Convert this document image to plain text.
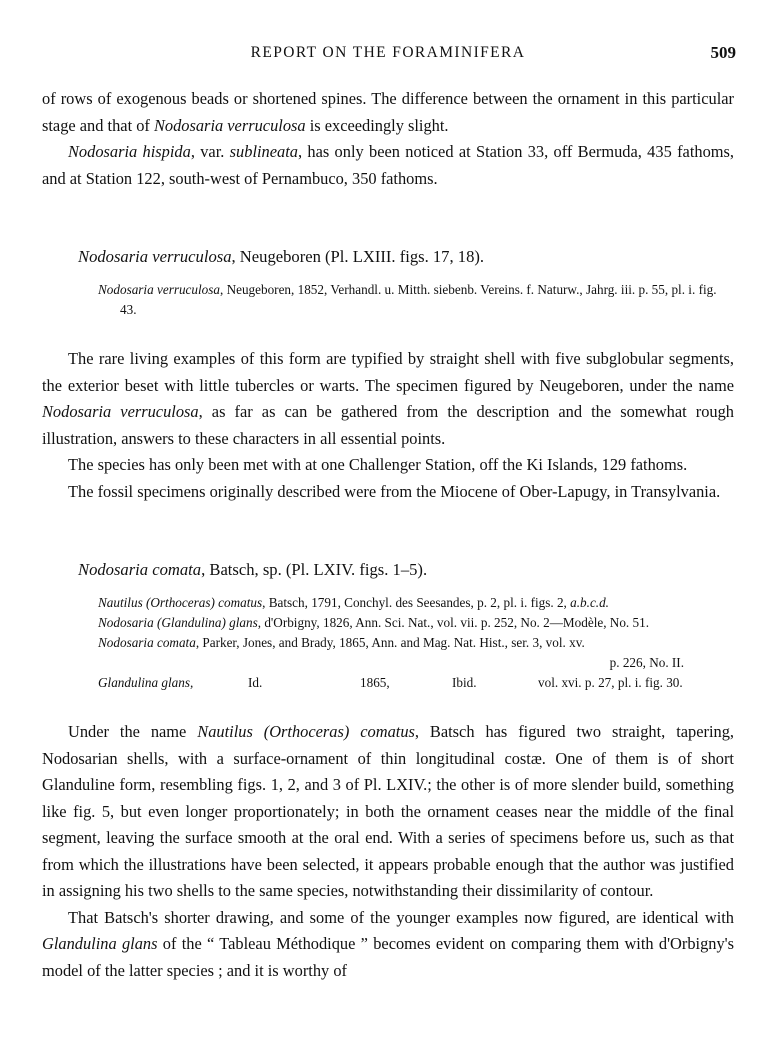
REPORT ON THE FORAMINIFERA	509

of rows of exogenous beads or shortened spines. The difference between the ornament in this particular stage and that of Nodosaria verruculosa is exceedingly slight.

Nodosaria hispida, var. sublineata, has only been noticed at Station 33, off Bermuda, 435 fathoms, and at Station 122, south-west of Pernambuco, 350 fathoms.

Nodosaria verruculosa, Neugeboren (Pl. LXIII. figs. 17, 18).
Nodosaria verruculosa, Neugeboren, 1852, Verhandl. u. Mitth. siebenb. Vereins. f. Naturw., Jahrg. iii. p. 55, pl. i. fig. 43.

The rare living examples of this form are typified by straight shell with five subglobular segments, the exterior beset with little tubercles or warts. The specimen figured by Neugeboren, under the name Nodosaria verruculosa, as far as can be gathered from the description and the somewhat rough illustration, answers to these characters in all essential points.

The species has only been met with at one Challenger Station, off the Ki Islands, 129 fathoms.

The fossil specimens originally described were from the Miocene of Ober-Lapugy, in Transylvania.

Nodosaria comata, Batsch, sp. (Pl. LXIV. figs. 1–5).
Nautilus (Orthoceras) comatus, Batsch, 1791, Conchyl. des Seesandes, p. 2, pl. i. figs. 2, a.b.c.d.
Nodosaria (Glandulina) glans, d'Orbigny, 1826, Ann. Sci. Nat., vol. vii. p. 252, No. 2—Modèle, No. 51.
Nodosaria comata, Parker, Jones, and Brady, 1865, Ann. and Mag. Nat. Hist., ser. 3, vol. xv.
p. 226, No. II.
Glandulina glans,	Id.	1865,	Ibid.	vol. xvi. p. 27, pl. i. fig. 30.

Under the name Nautilus (Orthoceras) comatus, Batsch has figured two straight, tapering, Nodosarian shells, with a surface-ornament of thin longitudinal costæ. One of them is of short Glanduline form, resembling figs. 1, 2, and 3 of Pl. LXIV.; the other is of more slender build, something like fig. 5, but even longer proportionately; in both the ornament ceases near the middle of the final segment, leaving the surface smooth at the oral end. With a series of specimens before us, such as that from which the illustrations have been selected, it appears probable enough that the author was justified in assigning his two shells to the same species, notwithstanding their dissimilarity of contour.

That Batsch's shorter drawing, and some of the younger examples now figured, are identical with Glandulina glans of the “ Tableau Méthodique ” becomes evident on comparing them with d'Orbigny's model of the latter species ; and it is worthy of
